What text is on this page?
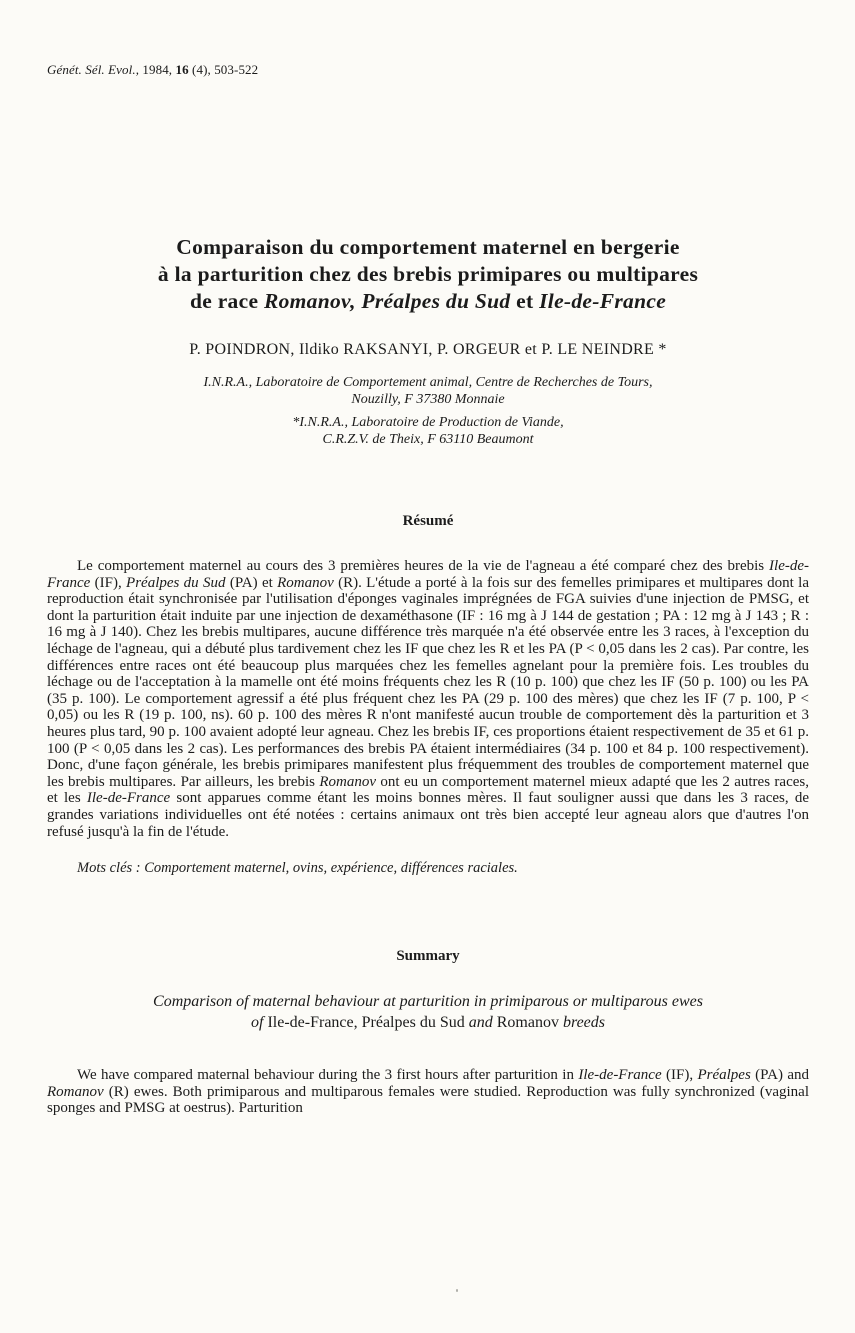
Génét. Sél. Evol., 1984, 16 (4), 503-522
Comparaison du comportement maternel en bergerie
à la parturition chez des brebis primipares ou multipares
de race Romanov, Préalpes du Sud et Ile-de-France
P. POINDRON, Ildiko RAKSANYI, P. ORGEUR et P. LE NEINDRE *
I.N.R.A., Laboratoire de Comportement animal, Centre de Recherches de Tours,
Nouzilly, F 37380 Monnaie
*I.N.R.A., Laboratoire de Production de Viande,
C.R.Z.V. de Theix, F 63110 Beaumont
Résumé

Le comportement maternel au cours des 3 premières heures de la vie de l'agneau a été comparé chez des brebis Ile-de-France (IF), Préalpes du Sud (PA) et Romanov (R). L'étude a porté à la fois sur des femelles primipares et multipares dont la reproduction était synchronisée par l'utilisation d'éponges vaginales imprégnées de FGA suivies d'une injection de PMSG, et dont la parturition était induite par une injection de dexaméthasone (IF : 16 mg à J 144 de gestation ; PA : 12 mg à J 143 ; R : 16 mg à J 140). Chez les brebis multipares, aucune différence très marquée n'a été observée entre les 3 races, à l'exception du léchage de l'agneau, qui a débuté plus tardivement chez les IF que chez les R et les PA (P < 0,05 dans les 2 cas). Par contre, les différences entre races ont été beaucoup plus marquées chez les femelles agnelant pour la première fois. Les troubles du léchage ou de l'acceptation à la mamelle ont été moins fréquents chez les R (10 p. 100) que chez les IF (50 p. 100) ou les PA (35 p. 100). Le comportement agressif a été plus fréquent chez les PA (29 p. 100 des mères) que chez les IF (7 p. 100, P < 0,05) ou les R (19 p. 100, ns). 60 p. 100 des mères R n'ont manifesté aucun trouble de comportement dès la parturition et 3 heures plus tard, 90 p. 100 avaient adopté leur agneau. Chez les brebis IF, ces proportions étaient respectivement de 35 et 61 p. 100 (P < 0,05 dans les 2 cas). Les performances des brebis PA étaient intermédiaires (34 p. 100 et 84 p. 100 respectivement). Donc, d'une façon générale, les brebis primipares manifestent plus fréquemment des troubles de comportement maternel que les brebis multipares. Par ailleurs, les brebis Romanov ont eu un comportement maternel mieux adapté que les 2 autres races, et les Ile-de-France sont apparues comme étant les moins bonnes mères. Il faut souligner aussi que dans les 3 races, de grandes variations individuelles ont été notées : certains animaux ont très bien accepté leur agneau alors que d'autres l'on refusé jusqu'à la fin de l'étude.

Mots clés : Comportement maternel, ovins, expérience, différences raciales.

Summary
Comparison of maternal behaviour at parturition in primiparous or multiparous ewes
of Ile-de-France, Préalpes du Sud and Romanov breeds

We have compared maternal behaviour during the 3 first hours after parturition in Ile-de-France (IF), Préalpes (PA) and Romanov (R) ewes. Both primiparous and multiparous females were studied. Reproduction was fully synchronized (vaginal sponges and PMSG at oestrus). Parturition
